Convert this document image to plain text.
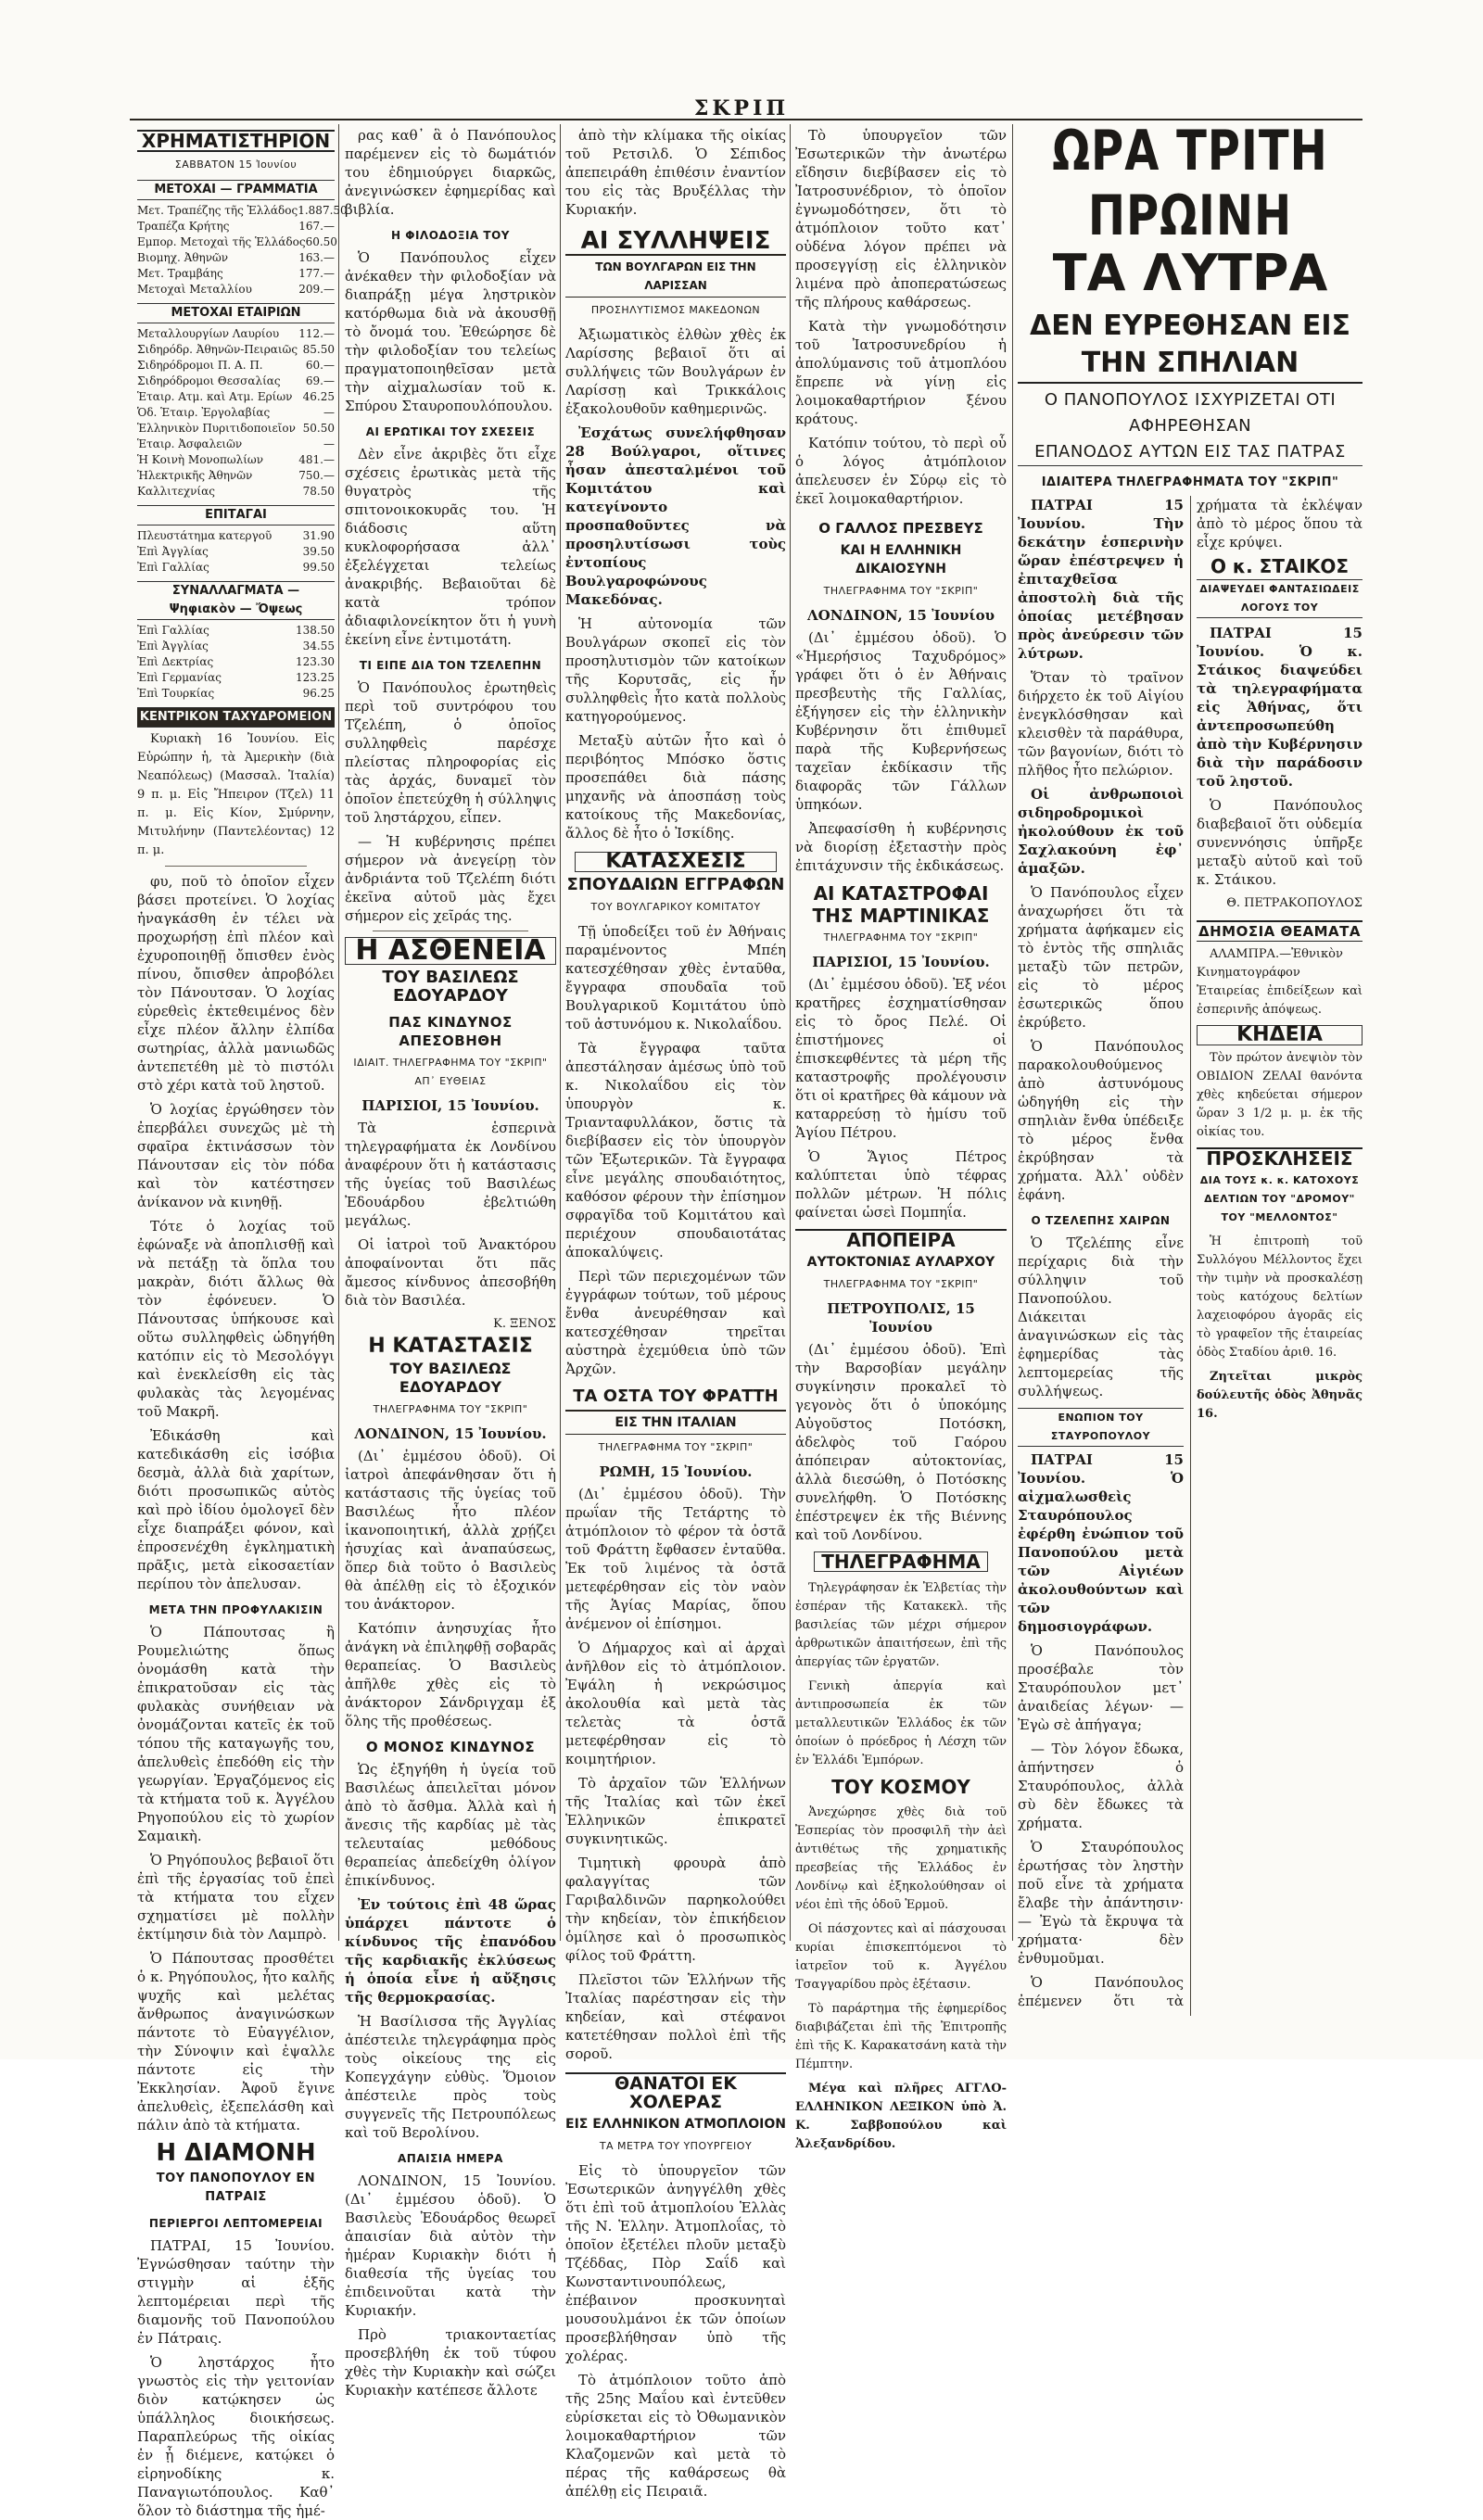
ΣΚΡΙΠ
ΧΡΗΜΑΤΙΣΤΗΡΙΟΝ
ΣΑΒΒΑΤΟΝ 15 Ἰουνίου
ΜΕΤΟΧΑΙ — ΓΡΑΜΜΑΤΙΑ
Μετ. Τραπέζης τῆς Ἑλλάδος 1.887.50
Τραπέζα Κρήτης	167.—
Εμπορ. Μετοχαὶ τῆς Ἑλλάδος 60.50
Βιομηχ. Ἀθηνῶν	163.—
Μετ. Τραμβάης	177.—
Μετοχαὶ Μεταλλίου	209.—
ΜΕΤΟΧΑΙ ΕΤΑΙΡΙΩΝ
Μεταλλουργίων Λαυρίου	112.—
Σιδηρόδρ. Ἀθηνῶν-Πειραιῶς 85.50
Σιδηρόδρομοι Π. Α. Π.	60.—
Σιδηρόδρομοι Θεσσαλίας	69.—
Ἑταιρ. Ατμ. καὶ Ατμ. Ερίων 46.25
Ὁδ. Ἑταιρ. Ἐργολαβίας	—
Ἑλληνικὸν Πυριτιδοποιεῖον 50.50
Ἑταιρ. Ἀσφαλειῶν	—
Ἡ Κοινὴ Μονοπωλίων	481.—
Ἡλεκτρικῆς Ἀθηνῶν	750.—
Καλλιτεχνίας	78.50
ΕΠΙΤΑΓΑΙ
Πλευστάτημα κατεργοῦ	31.90
Ἐπὶ Ἀγγλίας	39.50
Ἐπὶ Γαλλίας	99.50
ΣΥΝΑΛΛΑΓΜΑΤΑ — Ψηφιακὸν — Ὄψεως
Ἐπὶ Γαλλίας	138.50
Ἐπὶ Ἀγγλίας	34.55
Ἐπὶ Δεκτρίας	123.30
Ἐπὶ Γερμανίας	123.25
Ἐπὶ Τουρκίας	96.25
ΚΕΝΤΡΙΚΟΝ ΤΑΧΥΔΡΟΜΕΙΟΝ

Κυριακὴ 16 Ἰουνίου. Εἰς Εὐρώπην ἡ, τὰ Ἀμερικὴν (διὰ Νεαπόλεως) (Μασσαλ. Ἰταλία) 9 π. μ. Εἰς Ἤπειρον (Τζελ) 11 π. μ. Εἰς Κίον, Σμύρνην, Μιτυλήνην (Παντελέοντας) 12 π. μ.

φυ, ποῦ τὸ ὁποῖον εἶχεν βάσει προτείνει. Ὁ λοχίας ἠναγκάσθη ἐν τέλει νὰ προχωρήσῃ ἐπὶ πλέον καὶ ἐχυροποιηθῇ ὄπισθεν ἐνὸς πίνου, ὄπισθεν ἀπροβόλει τὸν Πάνουτσαν. Ὁ λοχίας εὑρεθεὶς ἐκτεθειμένος δὲν εἶχε πλέον ἄλλην ἐλπίδα σωτηρίας, ἀλλὰ μανιωδῶς ἀντεπετέθη μὲ τὸ πιστόλι στὸ χέρι κατὰ τοῦ ληστοῦ.

Ὁ λοχίας ἐργώθησεν τὸν ἐπερβάλει συνεχῶς μὲ τὴ σφαῖρα ἐκτινάσσων τὸν Πάνουτσαν εἰς τὸν πόδα καὶ τὸν κατέστησεν ἀνίκανον νὰ κινηθῇ.

Τότε ὁ λοχίας τοῦ ἐφώναξε νὰ ἀποπλισθῇ καὶ νὰ πετάξῃ τὰ ὅπλα του μακρὰν, διότι ἄλλως θὰ τὸν ἐφόνευεν. Ὁ Πάνουτσας ὑπήκουσε καὶ οὕτω συλληφθεὶς ὡδηγήθη κατόπιν εἰς τὸ Μεσολόγγι καὶ ἐνεκλείσθη εἰς τὰς φυλακὰς τὰς λεγομένας τοῦ Μακρῆ.

Ἐδικάσθη καὶ κατεδικάσθη εἰς ἰσόβια δεσμὰ, ἀλλὰ διὰ χαρίτων, διότι προσωπικῶς αὐτὸς καὶ πρὸ ἰδίου ὁμολογεῖ δὲν εἶχε διαπράξει φόνον, καὶ ἐπροσενέχθη ἐγκληματικὴ πρᾶξις, μετὰ εἰκοσαετίαν περίπου τὸν ἀπελυσαν.

ΜΕΤΑ ΤΗΝ ΠΡΟΦΥΛΑΚΙΣΙΝ

Ὁ Πάπουτσας ἢ Ρουμελιώτης ὅπως ὀνομάσθη κατὰ τὴν ἐπικρατοῦσαν εἰς τὰς φυλακὰς συνήθειαν νὰ ὀνομάζονται κατεῖς ἐκ τοῦ τόπου τῆς καταγωγῆς του, ἀπελυθεὶς ἐπεδόθη εἰς τὴν γεωργίαν. Ἐργαζόμενος εἰς τὰ κτήματα τοῦ κ. Ἀγγέλου Ρηγοπούλου εἰς τὸ χωρίον Σαμαικὴ.

Ὁ Ρηγόπουλος βεβαιοῖ ὅτι ἐπὶ τῆς ἐργασίας τοῦ ἐπεὶ τὰ κτήματα του εἶχεν σχηματίσει μὲ πολλὴν ἐκτίμησιν διὰ τὸν Λαμπρὸ.

Ὁ Πάπουτσας προσθέτει ὁ κ. Ρηγόπουλος, ἦτο καλῆς ψυχῆς καὶ μελέτας ἄνθρωπος ἀναγινώσκων πάντοτε τὸ Εὐαγγέλιον, τὴν Σύνοψιν καὶ ἐψαλλε πάντοτε εἰς τὴν Ἐκκλησίαν. Ἀφοῦ ἔγινε ἀπελυθεὶς, ἐξεπελάσθη καὶ πάλιν ἀπὸ τὰ κτήματα.

Η ΔΙΑΜΟΝΗ
ΤΟΥ ΠΑΝΟΠΟΥΛΟΥ ΕΝ ΠΑΤΡΑΙΣ
ΠΕΡΙΕΡΓΟΙ ΛΕΠΤΟΜΕΡΕΙΑΙ

ΠΑΤΡΑΙ, 15 Ἰουνίου. Ἐγνώσθησαν ταύτην τὴν στιγμὴν αἱ ἑξῆς λεπτομέρειαι περὶ τῆς διαμονῆς τοῦ Πανοπούλου ἐν Πάτραις.

Ὁ ληστάρχος ἦτο γνωστὸς εἰς τὴν γειτονίαν διὸν κατῴκησεν ὡς ὑπάλληλος διοικήσεως. Παραπλεύρως τῆς οἰκίας ἐν ᾗ διέμενε, κατῴκει ὁ εἰρηνοδίκης κ. Παναγιωτόπουλος. Καθ᾽ ὅλον τὸ διάστημα τῆς ἡμέ-

ρας καθ᾽ ἃ ὁ Πανόπουλος παρέμενεν εἰς τὸ δωμάτιόν του ἐδημιούργει διαρκῶς, ἀνεγινώσκεν ἐφημερίδας καὶ βιβλία.

Η ΦΙΛΟΔΟΞΙΑ ΤΟΥ

Ὁ Πανόπουλος εἶχεν ἀνέκαθεν τὴν φιλοδοξίαν νὰ διαπράξῃ μέγα ληστρικὸν κατόρθωμα διὰ νὰ ἀκουσθῇ τὸ ὄνομά του. Ἐθεώρησε δὲ τὴν φιλοδοξίαν του τελείως πραγματοποιηθεῖσαν μετὰ τὴν αἰχμαλωσίαν τοῦ κ. Σπύρου Σταυροπουλόπουλου.

ΑΙ ΕΡΩΤΙΚΑΙ ΤΟΥ ΣΧΕΣΕΙΣ

Δὲν εἶνε ἀκριβὲς ὅτι εἶχε σχέσεις ἐρωτικὰς μετὰ τῆς θυγατρὸς τῆς σπιτονοικοκυρᾶς του. Ἡ διάδοσις αὕτη κυκλοφορήσασα ἀλλ᾽ ἐξελέγχεται τελείως ἀνακριβής. Βεβαιοῦται δὲ κατὰ τρόπον ἀδιαφιλονείκητον ὅτι ἡ γυνὴ ἐκείνη εἶνε ἐντιμοτάτη.

ΤΙ ΕΙΠΕ ΔΙΑ ΤΟΝ ΤΖΕΛΕΠΗΝ

Ὁ Πανόπουλος ἐρωτηθεὶς περὶ τοῦ συντρόφου του Τζελέπη, ὁ ὁποῖος συλληφθεὶς παρέσχε πλείστας πληροφορίας εἰς τὰς ἀρχάς, δυναμεῖ τὸν ὁποῖον ἐπετεύχθη ἡ σύλληψις τοῦ ληστάρχου, εἶπεν.

— Ἡ κυβέρνησις πρέπει σήμερον νὰ ἀνεγείρῃ τὸν ἀνδριάντα τοῦ Τζελέπη διότι ἐκεῖνα αὐτοῦ μὰς ἔχει σήμερον εἰς χεῖράς της.

Η ΑΣΘΕΝΕΙΑ
ΤΟΥ ΒΑΣΙΛΕΩΣ ΕΔΟΥΑΡΔΟΥ
ΠΑΣ ΚΙΝΔΥΝΟΣ ΑΠΕΣΟΒΗΘΗ
ΙΔΙΑΙΤ. ΤΗΛΕΓΡΑΦΗΜΑ ΤΟΥ "ΣΚΡΙΠ" ΑΠ᾽ ΕΥΘΕΙΑΣ
ΠΑΡΙΣΙΟΙ, 15 Ἰουνίου.

Τὰ ἑσπερινὰ τηλεγραφήματα ἐκ Λονδίνου ἀναφέρουν ὅτι ἡ κατάστασις τῆς ὑγείας τοῦ Βασιλέως Ἐδουάρδου ἐβελτιώθη μεγάλως.

Οἱ ἰατροὶ τοῦ Ἀνακτόρου ἀποφαίνονται ὅτι πᾶς ἄμεσος κίνδυνος ἀπεσοβήθη διὰ τὸν Βασιλέα.

Κ. ΞΕΝΟΣ
Η ΚΑΤΑΣΤΑΣΙΣ
ΤΟΥ ΒΑΣΙΛΕΩΣ ΕΔΟΥΑΡΔΟΥ
ΤΗΛΕΓΡΑΦΗΜΑ ΤΟΥ "ΣΚΡΙΠ"
ΛΟΝΔΙΝΟΝ, 15 Ἰουνίου.

(Δι᾽ ἐμμέσου ὁδοῦ). Οἱ ἰατροὶ ἀπεφάνθησαν ὅτι ἡ κατάστασις τῆς ὑγείας τοῦ Βασιλέως ἦτο πλέον ἱκανοποιητική, ἀλλὰ χρῄζει ἡσυχίας καὶ ἀναπαύσεως, ὅπερ διὰ τοῦτο ὁ Βασιλεὺς θὰ ἀπέλθῃ εἰς τὸ ἐξοχικόν του ἀνάκτορον.

Κατόπιν ἀνησυχίας ἦτο ἀνάγκη νὰ ἐπιληφθῇ σοβαρᾶς θεραπείας. Ὁ Βασιλεὺς ἀπῆλθε χθὲς εἰς τὸ ἀνάκτορον Σάνδριγχαμ ἐξ ὅλης τῆς προθέσεως.

Ο ΜΟΝΟΣ ΚΙΝΔΥΝΟΣ

Ὡς ἐξηγήθη ἡ ὑγεία τοῦ Βασιλέως ἀπειλεῖται μόνον ἀπὸ τὸ ἄσθμα. Ἀλλὰ καὶ ἡ ἄνεσις τῆς καρδίας μὲ τὰς τελευταίας μεθόδους θεραπείας ἀπεδείχθη ὁλίγον ἐπικίνδυνος.

Ἐν τούτοις ἐπὶ 48 ὥρας ὑπάρχει πάντοτε ὁ κίνδυνος τῆς ἐπανόδου τῆς καρδιακῆς ἐκλύσεως ἡ ὁποία εἶνε ἡ αὔξησις τῆς θερμοκρασίας.

Ἡ Βασίλισσα τῆς Ἀγγλίας ἀπέστειλε τηλεγράφημα πρὸς τοὺς οἰκείους της εἰς Κοπεγχάγην εὐθὺς. Ὅμοιον ἀπέστειλε πρὸς τοὺς συγγενεῖς τῆς Πετρουπόλεως καὶ τοῦ Βερολίνου.

ΑΠΑΙΣΙΑ ΗΜΕΡΑ

ΛΟΝΔΙΝΟΝ, 15 Ἰουνίου. (Δι᾽ ἐμμέσου ὁδοῦ). Ὁ Βασιλεὺς Ἐδουάρδος θεωρεῖ ἀπαισίαν διὰ αὐτὸν τὴν ἡμέραν Κυριακὴν διότι ἡ διαθεσία τῆς ὑγείας του ἐπιδεινοῦται κατὰ τὴν Κυριακήν.

Πρὸ τριακονταετίας προσεβλήθη ἐκ τοῦ τύφου χθὲς τὴν Κυριακὴν καὶ σώζει Κυριακὴν κατέπεσε ἄλλοτε

ἀπὸ τὴν κλίμακα τῆς οἰκίας τοῦ Ρετσιλδ. Ὁ Σέπιδος ἀπεπειράθη ἐπιθέσιν ἐναντίον του εἰς τὰς Βρυξέλλας τὴν Κυριακήν.

ΑΙ ΣΥΛΛΗΨΕΙΣ
ΤΩΝ ΒΟΥΛΓΑΡΩΝ ΕΙΣ ΤΗΝ ΛΑΡΙΣΣΑΝ
ΠΡΟΣΗΛΥΤΙΣΜΟΣ ΜΑΚΕΔΟΝΩΝ

Ἀξιωματικὸς ἐλθὼν χθὲς ἐκ Λαρίσσης βεβαιοῖ ὅτι αἱ συλλήψεις τῶν Βουλγάρων ἐν Λαρίσσῃ καὶ Τρικκάλοις ἐξακολουθοῦν καθημερινῶς.

Ἐσχάτως συνελήφθησαν 28 Βούλγαροι, οἵτινες ἦσαν ἀπεσταλμένοι τοῦ Κομιτάτου καὶ κατεγίνοντο προσπαθοῦντες νὰ προσηλυτίσωσι τοὺς ἐντοπίους Βουλγαροφώνους Μακεδόνας.

Ἡ αὐτονομία τῶν Βουλγάρων σκοπεῖ εἰς τὸν προσηλυτισμὸν τῶν κατοίκων τῆς Κορυτσᾶς, εἰς ἦν συλληφθεὶς ἦτο κατὰ πολλοὺς κατηγορούμενος.

Μεταξὺ αὐτῶν ἦτο καὶ ὁ περιβόητος Μπόσκο ὅστις προσεπάθει διὰ πάσης μηχανῆς νὰ ἀποσπάσῃ τοὺς κατοίκους τῆς Μακεδονίας, ἄλλος δὲ ἦτο ὁ Ἰσκίδης.

ΚΑΤΑΣΧΕΣΙΣ
ΣΠΟΥΔΑΙΩΝ ΕΓΓΡΑΦΩΝ
ΤΟΥ ΒΟΥΛΓΑΡΙΚΟΥ ΚΟΜΙΤΑΤΟΥ

Τῇ ὑποδείξει τοῦ ἐν Ἀθήναις παραμένοντος Μπέη κατεσχέθησαν χθὲς ἐνταῦθα, ἔγγραφα σπουδαῖα τοῦ Βουλγαρικοῦ Κομιτάτου ὑπὸ τοῦ ἀστυνόμου κ. Νικολαΐδου.

Τὰ ἔγγραφα ταῦτα ἀπεστάλησαν ἀμέσως ὑπὸ τοῦ κ. Νικολαΐδου εἰς τὸν ὑπουργὸν κ. Τριανταφυλλάκον, ὅστις τὰ διεβίβασεν εἰς τὸν ὑπουργὸν τῶν Ἐξωτερικῶν. Τὰ ἔγγραφα εἶνε μεγάλης σπουδαιότητος, καθόσον φέρουν τὴν ἐπίσημον σφραγῖδα τοῦ Κομιτάτου καὶ περιέχουν σπουδαιοτάτας ἀποκαλύψεις.

Περὶ τῶν περιεχομένων τῶν ἐγγράφων τούτων, τοῦ μέρους ἔνθα ἀνευρέθησαν καὶ κατεσχέθησαν τηρεῖται αὐστηρὰ ἐχεμύθεια ὑπὸ τῶν Ἀρχῶν.

ΤΑ ΟΣΤΑ ΤΟΥ ΦΡΑΤΤΗ
ΕΙΣ ΤΗΝ ΙΤΑΛΙΑΝ
ΤΗΛΕΓΡΑΦΗΜΑ ΤΟΥ "ΣΚΡΙΠ"
ΡΩΜΗ, 15 Ἰουνίου.

(Δι᾽ ἐμμέσου ὁδοῦ). Τὴν πρωΐαν τῆς Τετάρτης τὸ ἀτμόπλοιον τὸ φέρον τὰ ὀστᾶ τοῦ Φράττη ἔφθασεν ἐνταῦθα. Ἐκ τοῦ λιμένος τὰ ὀστᾶ μετεφέρθησαν εἰς τὸν ναὸν τῆς Ἁγίας Μαρίας, ὅπου ἀνέμενον οἱ ἐπίσημοι.

Ὁ Δήμαρχος καὶ αἱ ἀρχαὶ ἀνῆλθον εἰς τὸ ἀτμόπλοιον. Ἐψάλη ἡ νεκρώσιμος ἀκολουθία καὶ μετὰ τὰς τελετὰς τὰ ὀστᾶ μετεφέρθησαν εἰς τὸ κοιμητήριον.

Τὸ ἀρχαῖον τῶν Ἑλλήνων τῆς Ἰταλίας καὶ τῶν ἐκεῖ Ἑλληνικῶν ἐπικρατεῖ συγκινητικῶς.

Τιμητικὴ φρουρὰ ἀπὸ φαλαγγίτας τῶν Γαριβαλδινῶν παρηκολούθει τὴν κηδείαν, τὸν ἐπικήδειον ὁμίλησε καὶ ὁ προσωπικὸς φίλος τοῦ Φράττη.

Πλεῖστοι τῶν Ἑλλήνων τῆς Ἰταλίας παρέστησαν εἰς τὴν κηδείαν, καὶ στέφανοι κατετέθησαν πολλοὶ ἐπὶ τῆς σοροῦ.

ΘΑΝΑΤΟΙ ΕΚ ΧΟΛΕΡΑΣ
ΕΙΣ ΕΛΛΗΝΙΚΟΝ ΑΤΜΟΠΛΟΙΟΝ
ΤΑ ΜΕΤΡΑ ΤΟΥ ΥΠΟΥΡΓΕΙΟΥ

Εἰς τὸ ὑπουργεῖον τῶν Ἐσωτερικῶν ἀνηγγέλθη χθὲς ὅτι ἐπὶ τοῦ ἀτμοπλοίου Ἑλλὰς τῆς Ν. Ἑλλην. Ἀτμοπλοΐας, τὸ ὁποῖον ἐξετέλει πλοῦν μεταξὺ Τζέδδας, Πὸρ Σαΐδ καὶ Κωνσταντινουπόλεως, ἐπέβαινον προσκυνηταὶ μουσουλμάνοι ἐκ τῶν ὁποίων προσεβλήθησαν ὑπὸ τῆς χολέρας.

Τὸ ἀτμόπλοιον τοῦτο ἀπὸ τῆς 25ης Μαΐου καὶ ἐντεῦθεν εὑρίσκεται εἰς τὸ Ὀθωμανικὸν λοιμοκαθαρτήριον τῶν Κλαζομενῶν καὶ μετὰ τὸ πέρας τῆς καθάρσεως θὰ ἀπέλθῃ εἰς Πειραιᾶ.

Τὸ ὑπουργεῖον τῶν Ἐσωτερικῶν τὴν ἀνωτέρω εἴδησιν διεβίβασεν εἰς τὸ Ἰατροσυνέδριον, τὸ ὁποῖον ἐγνωμοδότησεν, ὅτι τὸ ἀτμόπλοιον τοῦτο κατ᾽ οὐδένα λόγον πρέπει νὰ προσεγγίσῃ εἰς ἑλληνικὸν λιμένα πρὸ ἀποπερατώσεως τῆς πλήρους καθάρσεως.

Κατὰ τὴν γνωμοδότησιν τοῦ Ἰατροσυνεδρίου ἡ ἀπολύμανσις τοῦ ἀτμοπλόου ἔπρεπε νὰ γίνῃ εἰς λοιμοκαθαρτήριον ξένου κράτους.

Κατόπιν τούτου, τὸ περὶ οὗ ὁ λόγος ἀτμόπλοιον ἀπελευσεν ἐν Σύρῳ εἰς τὸ ἐκεῖ λοιμοκαθαρτήριον.

Ο ΓΑΛΛΟΣ ΠΡΕΣΒΕΥΣ
ΚΑΙ Η ΕΛΛΗΝΙΚΗ ΔΙΚΑΙΟΣΥΝΗ
ΤΗΛΕΓΡΑΦΗΜΑ ΤΟΥ "ΣΚΡΙΠ"
ΛΟΝΔΙΝΟΝ, 15 Ἰουνίου

(Δι᾽ ἐμμέσου ὁδοῦ). Ὁ «Ἡμερήσιος Ταχυδρόμος» γράφει ὅτι ὁ ἐν Ἀθήναις πρεσβευτὴς τῆς Γαλλίας, ἐξήγησεν εἰς τὴν ἑλληνικὴν Κυβέρνησιν ὅτι ἐπιθυμεῖ παρὰ τῆς Κυβερνήσεως ταχεῖαν ἐκδίκασιν τῆς διαφορᾶς τῶν Γάλλων ὑπηκόων.

Ἀπεφασίσθη ἡ κυβέρνησις νὰ διορίσῃ ἐξεταστὴν πρὸς ἐπιτάχυνσιν τῆς ἐκδικάσεως.

ΑΙ ΚΑΤΑΣΤΡΟΦΑΙ
ΤΗΣ ΜΑΡΤΙΝΙΚΑΣ
ΤΗΛΕΓΡΑΦΗΜΑ ΤΟΥ "ΣΚΡΙΠ"
ΠΑΡΙΣΙΟΙ, 15 Ἰουνίου.

(Δι᾽ ἐμμέσου ὁδοῦ). Ἐξ νέοι κρατῆρες ἐσχηματίσθησαν εἰς τὸ ὄρος Πελέ. Οἱ ἐπιστήμονες οἱ ἐπισκεφθέντες τὰ μέρη τῆς καταστροφῆς προλέγουσιν ὅτι οἱ κρατῆρες θὰ κάμουν νὰ καταρρεύσῃ τὸ ἡμίσυ τοῦ Ἁγίου Πέτρου.

Ὁ Ἅγιος Πέτρος καλύπτεται ὑπὸ τέφρας πολλῶν μέτρων. Ἡ πόλις φαίνεται ὡσεὶ Πομπηΐα.

ΑΠΟΠΕΙΡΑ
ΑΥΤΟΚΤΟΝΙΑΣ ΑΥΛΑΡΧΟΥ
ΤΗΛΕΓΡΑΦΗΜΑ ΤΟΥ "ΣΚΡΙΠ"
ΠΕΤΡΟΥΠΟΛΙΣ, 15 Ἰουνίου

(Δι᾽ ἐμμέσου ὁδοῦ). Ἐπὶ τὴν Βαρσοβίαν μεγάλην συγκίνησιν προκαλεῖ τὸ γεγονὸς ὅτι ὁ ὑποκόμης Αὐγοῦστος Ποτόσκη, ἀδελφὸς τοῦ Γαόρου ἀπόπειραν αὐτοκτονίας, ἀλλὰ διεσώθη, ὁ Ποτόσκης συνελήφθη. Ὁ Ποτόσκης ἐπέστρεψεν ἐκ τῆς Βιέννης καὶ τοῦ Λονδίνου.

ΤΗΛΕΓΡΑΦΗΜΑ

Τηλεγράφησαν ἐκ Ἐλβετίας τὴν ἐσπέραν τῆς Κατακεκλ. τῆς βασιλείας τῶν μέχρι σήμερον ἀρθρωτικῶν ἀπαιτήσεων, ἐπὶ τῆς ἀπεργίας τῶν ἐργατῶν.

Γενικὴ ἀπεργία καὶ ἀντιπροσωπεία ἐκ τῶν μεταλλευτικῶν Ἑλλάδος ἐκ τῶν ὁποίων ὁ πρόεδρος ἡ Λέσχη τῶν ἐν Ἑλλάδι Ἐμπόρων.

ΤΟΥ ΚΟΣΜΟΥ

Ἀνεχώρησε χθὲς διὰ τοῦ Ἐσπερίας τὸν προσφιλῆ τὴν ἀεὶ ἀντιθέτως τῆς χρηματικῆς πρεσβείας τῆς Ἑλλάδος ἐν Λονδίνῳ καὶ ἐξηκολούθησαν οἱ νέοι ἐπὶ τῆς ὁδοῦ Ἑρμοῦ.

Οἱ πάσχοντες καὶ αἱ πάσχουσαι κυρίαι ἐπισκεπτόμενοι τὸ ἰατρεῖον τοῦ κ. Ἀγγέλου Τσαγγαρίδου πρὸς ἐξέτασιν.

Τὸ παράρτημα τῆς ἐφημερίδος διαβιβάζεται ἐπὶ τῆς Ἐπιτροπῆς ἐπὶ τῆς Κ. Καρακατσάνη κατὰ τὴν Πέμπτην.

Μέγα καὶ πλῆρες ΑΓΓΛΟ-ΕΛΛΗΝΙΚΟΝ ΛΕΞΙΚΟΝ ὑπὸ Ἀ. Κ. Σαββοπούλου καὶ Ἀλεξανδρίδου.

ΩΡΑ ΤΡΙΤΗ ΠΡΩΙΝΗ
ΤΑ ΛΥΤΡΑ
ΔΕΝ ΕΥΡΕΘΗΣΑΝ ΕΙΣ ΤΗΝ ΣΠΗΛΙΑΝ
Ο ΠΑΝΟΠΟΥΛΟΣ ΙΣΧΥΡΙΖΕΤΑΙ ΟΤΙ ΑΦΗΡΕΘΗΣΑΝ
ΕΠΑΝΟΔΟΣ ΑΥΤΩΝ ΕΙΣ ΤΑΣ ΠΑΤΡΑΣ
ΙΔΙΑΙΤΕΡΑ ΤΗΛΕΓΡΑΦΗΜΑΤΑ ΤΟΥ "ΣΚΡΙΠ"

ΠΑΤΡΑΙ 15 Ἰουνίου. Τὴν δεκάτην ἑσπερινὴν ὥραν ἐπέστρεψεν ἡ ἐπιταχθεῖσα ἀποστολὴ διὰ τῆς ὁποίας μετέβησαν πρὸς ἀνεύρεσιν τῶν λύτρων.

Ὅταν τὸ τραῖνον διήρχετο ἐκ τοῦ Αἰγίου ἐνεγκλόσθησαν καὶ κλεισθὲν τὰ παράθυρα, τῶν βαγονίων, διότι τὸ πλῆθος ἦτο πελώριον.

Οἱ ἀνθρωποιοὶ σιδηροδρομικοὶ ἠκολούθουν ἐκ τοῦ Σαχλακούνη ἐφ᾽ ἁμαξῶν.

Ὁ Πανόπουλος εἶχεν ἀναχωρήσει ὅτι τὰ χρήματα ἀφήκαμεν εἰς τὸ ἐντὸς τῆς σπηλιᾶς μεταξὺ τῶν πετρῶν, εἰς τὸ μέρος ἐσωτερικῶς ὅπου ἐκρύβετο.

Ὁ Πανόπουλος παρακολουθούμενος ἀπὸ ἀστυνόμους ὡδηγήθη εἰς τὴν σπηλιὰν ἔνθα ὑπέδειξε τὸ μέρος ἔνθα ἐκρύβησαν τὰ χρήματα. Ἀλλ᾽ οὐδὲν ἐφάνη.

Ο ΤΖΕΛΕΠΗΣ ΧΑΙΡΩΝ

Ὁ Τζελέπης εἶνε περίχαρις διὰ τὴν σύλληψιν τοῦ Πανοπούλου. Διάκειται ἀναγινώσκων εἰς τὰς ἐφημερίδας τὰς λεπτομερείας τῆς συλλήψεως.

ΕΝΩΠΙΟΝ ΤΟΥ ΣΤΑΥΡΟΠΟΥΛΟΥ

ΠΑΤΡΑΙ 15 Ἰουνίου. Ὁ αἰχμαλωσθεὶς Σταυρόπουλος ἐφέρθη ἐνώπιον τοῦ Πανοπούλου μετὰ τῶν Αἰγιέων ἀκολουθούντων καὶ τῶν δημοσιογράφων.

Ὁ Πανόπουλος προσέβαλε τὸν Σταυρόπουλον μετ᾽ ἀναιδείας λέγων· — Ἐγὼ σὲ ἀπήγαγα;

— Τὸν λόγον ἔδωκα, ἀπήντησεν ὁ Σταυρόπουλος, ἀλλὰ σὺ δὲν ἔδωκες τὰ χρήματα.

Ὁ Σταυρόπουλος ἐρωτήσας τὸν ληστὴν ποῦ εἶνε τὰ χρήματα ἔλαβε τὴν ἀπάντησιν· — Ἐγὼ τὰ ἔκρυψα τὰ χρήματα· δὲν ἐνθυμοῦμαι.

Ὁ Πανόπουλος ἐπέμενεν ὅτι τὰ χρήματα τὰ ἐκλέψαν ἀπὸ τὸ μέρος ὅπου τὰ εἶχε κρύψει.

Ο κ. ΣΤΑΙΚΟΣ
ΔΙΑΨΕΥΔΕΙ ΦΑΝΤΑΣΙΩΔΕΙΣ ΛΟΓΟΥΣ ΤΟΥ

ΠΑΤΡΑΙ 15 Ἰουνίου. Ὁ κ. Στάικος διαψεύδει τὰ τηλεγραφήματα εἰς Ἀθήνας, ὅτι ἀντεπροσωπεύθη ἀπὸ τὴν Κυβέρνησιν διὰ τὴν παράδοσιν τοῦ ληστοῦ.

Ὁ Πανόπουλος διαβεβαιοῖ ὅτι οὐδεμία συνεννόησις ὑπῆρξε μεταξὺ αὐτοῦ καὶ τοῦ κ. Στάικου.

Θ. ΠΕΤΡΑΚΟΠΟΥΛΟΣ
ΔΗΜΟΣΙΑ ΘΕΑΜΑΤΑ

ΑΛΑΜΠΡΑ.—Ἐθνικὸν Κινηματογράφον Ἐταιρείας ἐπιδείξεων καὶ ἐσπερινῆς ἀπόψεως.

ΚΗΔΕΙΑ

Τὸν πρώτον ἀνεψιὸν τὸν ΟΒΙΔΙΟΝ ΖΕΛΑΙ θανόντα χθὲς κηδεύεται σήμερον ὥραν 3 1/2 μ. μ. ἐκ τῆς οἰκίας του.

ΠΡΟΣΚΛΗΣΕΙΣ
ΔΙΑ ΤΟΥΣ κ. κ. ΚΑΤΟΧΟΥΣ ΔΕΛΤΙΩΝ ΤΟΥ "ΔΡΟΜΟΥ" ΤΟΥ "ΜΕΛΛΟΝΤΟΣ"

Ἡ ἐπιτροπὴ τοῦ Συλλόγου Μέλλοντος ἔχει τὴν τιμὴν νὰ προσκαλέσῃ τοὺς κατόχους δελτίων λαχειοφόρου ἀγορᾶς εἰς τὸ γραφεῖον τῆς ἑταιρείας ὁδὸς Σταδίου ἀριθ. 16.

Ζητεῖται μικρὸς δούλευτῆς ὁδὸς Ἀθηνᾶς 16.
